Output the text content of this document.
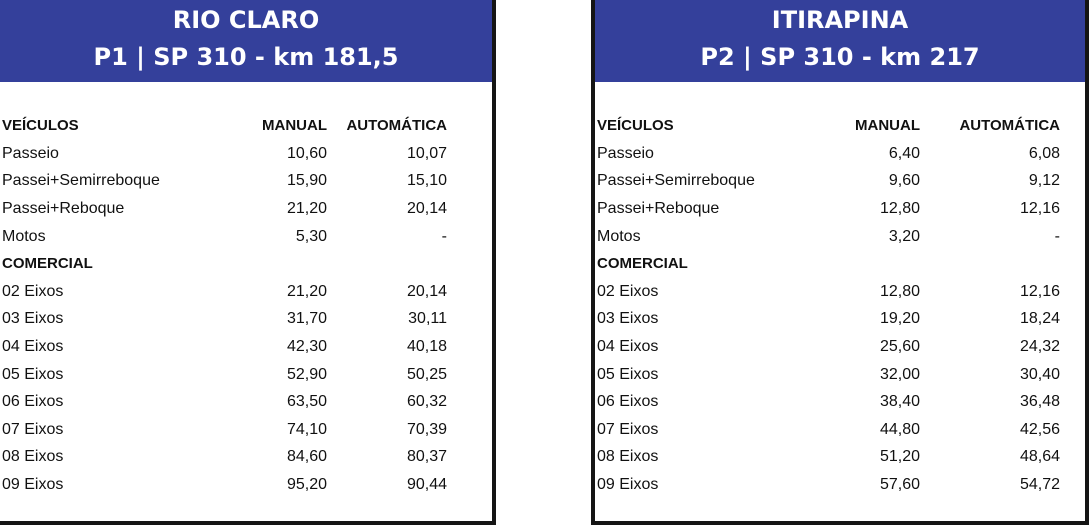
RIO CLARO
P1 | SP 310 - km 181,5
VEÍCULOS	MANUAL	AUTOMÁTICA
Passeio	10,60	10,07
Passei+Semirreboque	15,90	15,10
Passei+Reboque	21,20	20,14
Motos	5,30	-
COMERCIAL		
02 Eixos	21,20	20,14
03 Eixos	31,70	30,11
04 Eixos	42,30	40,18
05 Eixos	52,90	50,25
06 Eixos	63,50	60,32
07 Eixos	74,10	70,39
08 Eixos	84,60	80,37
09 Eixos	95,20	90,44
ITIRAPINA
P2 | SP 310 - km 217
VEÍCULOS	MANUAL	AUTOMÁTICA
Passeio	6,40	6,08
Passei+Semirreboque	9,60	9,12
Passei+Reboque	12,80	12,16
Motos	3,20	-
COMERCIAL		
02 Eixos	12,80	12,16
03 Eixos	19,20	18,24
04 Eixos	25,60	24,32
05 Eixos	32,00	30,40
06 Eixos	38,40	36,48
07 Eixos	44,80	42,56
08 Eixos	51,20	48,64
09 Eixos	57,60	54,72
